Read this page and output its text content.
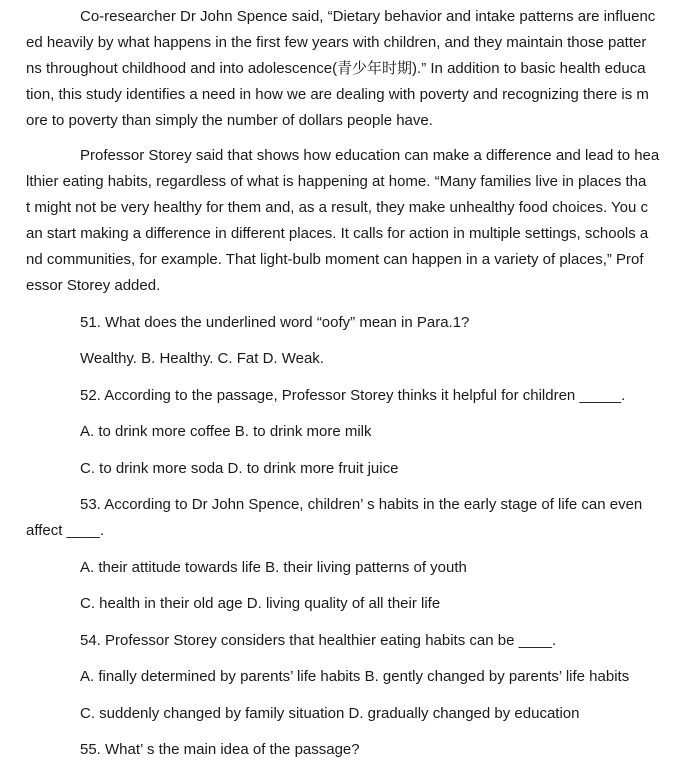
Co-researcher Dr John Spence said, “Dietary behavior and intake patterns are influenc
ed heavily by what happens in the first few years with children, and they maintain those patter
ns throughout childhood and into adolescence(青少年时期).” In addition to basic health educa
tion, this study identifies a need in how we are dealing with poverty and recognizing there is m
ore to poverty than simply the number of dollars people have.
Professor Storey said that shows how education can make a difference and lead to hea
lthier eating habits, regardless of what is happening at home. “Many families live in places tha
t might not be very healthy for them and, as a result, they make unhealthy food choices. You c
an start making a difference in different places. It calls for action in multiple settings, schools a
nd communities, for example. That light-bulb moment can happen in a variety of places,” Prof
essor Storey added.
51. What does the underlined word “oofy” mean in Para.1?
Wealthy. B. Healthy. C. Fat D. Weak.
52. According to the passage, Professor Storey thinks it helpful for children _____.
A. to drink more coffee B. to drink more milk
C. to drink more soda D. to drink more fruit juice
53. According to Dr John Spence, children’ s habits in the early stage of life can even
affect ____.
A. their attitude towards life B. their living patterns of youth
C. health in their old age D. living quality of all their life
54. Professor Storey considers that healthier eating habits can be ____.
A. finally determined by parents’ life habits B. gently changed by parents’ life habits
C. suddenly changed by family situation D. gradually changed by education
55. What’ s the main idea of the passage?
